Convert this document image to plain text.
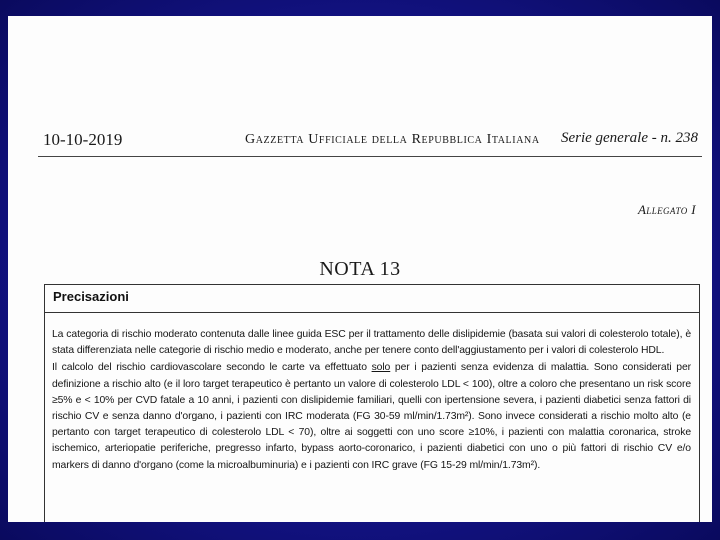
10-10-2019	Gazzetta Ufficiale della Repubblica Italiana Serie generale - n. 238
Allegato I
NOTA 13
Precisazioni

La categoria di rischio moderato contenuta dalle linee guida ESC per il trattamento delle dislipidemie (basata sui valori di colesterolo totale), è stata differenziata nelle categorie di rischio medio e moderato, anche per tenere conto dell'aggiustamento per i valori di colesterolo HDL.

Il calcolo del rischio cardiovascolare secondo le carte va effettuato solo per i pazienti senza evidenza di malattia. Sono considerati per definizione a rischio alto (e il loro target terapeutico è pertanto un valore di colesterolo LDL < 100), oltre a coloro che presentano un risk score ≥5% e < 10% per CVD fatale a 10 anni, i pazienti con dislipidemie familiari, quelli con ipertensione severa, i pazienti diabetici senza fattori di rischio CV e senza danno d'organo, i pazienti con IRC moderata (FG 30-59 ml/min/1.73m²). Sono invece considerati a rischio molto alto (e pertanto con target terapeutico di colesterolo LDL < 70), oltre ai soggetti con uno score ≥10%, i pazienti con malattia coronarica, stroke ischemico, arteriopatie periferiche, pregresso infarto, bypass aorto-coronarico, i pazienti diabetici con uno o più fattori di rischio CV e/o markers di danno d'organo (come la microalbuminuria) e i pazienti con IRC grave (FG 15-29 ml/min/1.73m²).
